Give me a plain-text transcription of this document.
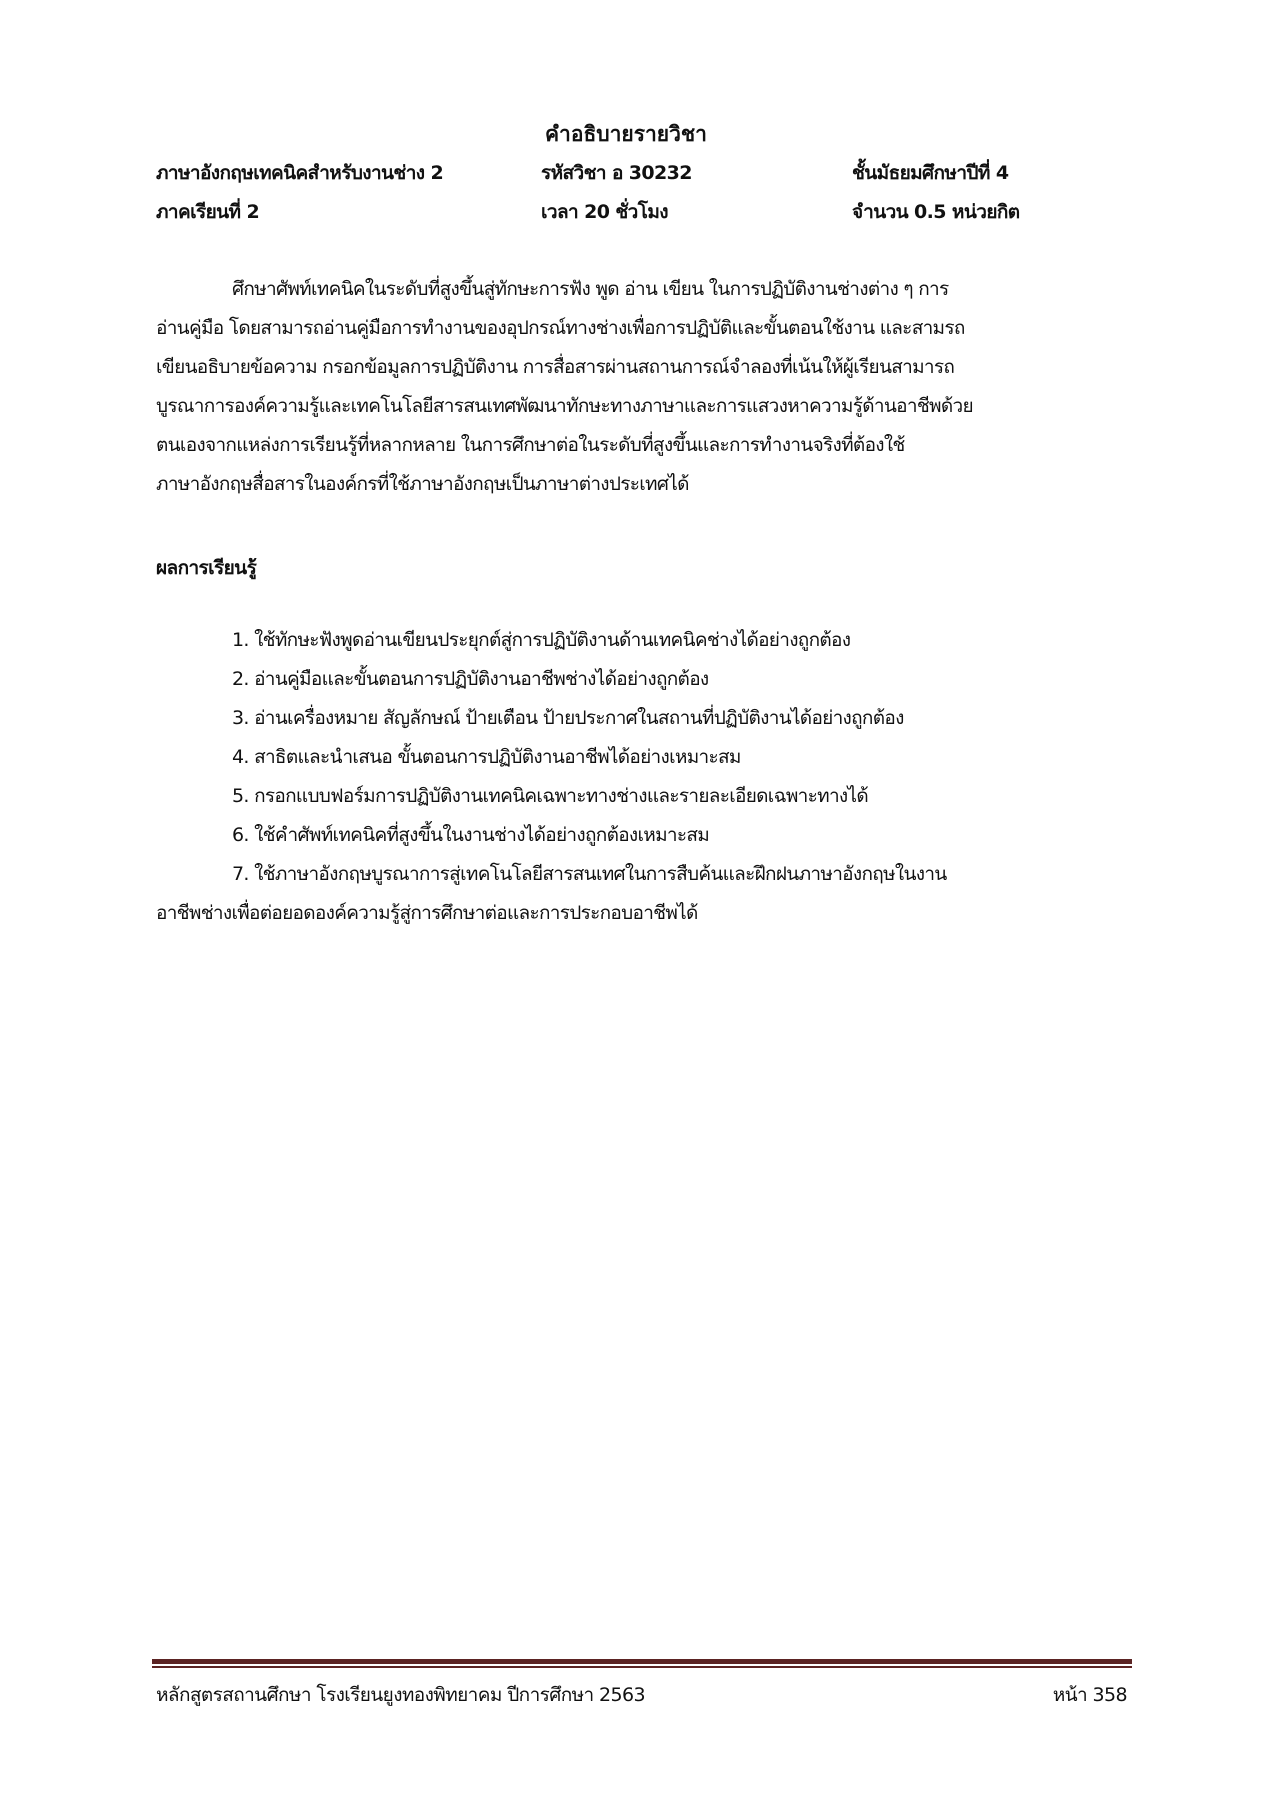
คำอธิบายรายวิชา
ภาษาอังกฤษเทคนิคสำหรับงานช่าง 2	รหัสวิชา อ 30232	ชั้นมัธยมศึกษาปีที่ 4
ภาคเรียนที่ 2	เวลา 20 ชั่วโมง	จำนวน 0.5 หน่วยกิต
ศึกษาศัพท์เทคนิคในระดับที่สูงขึ้นสู่ทักษะการฟัง พูด อ่าน เขียน ในการปฏิบัติงานช่างต่าง ๆ การ
อ่านคู่มือ โดยสามารถอ่านคู่มือการทำงานของอุปกรณ์ทางช่างเพื่อการปฏิบัติและขั้นตอนใช้งาน และสามรถ
เขียนอธิบายข้อความ กรอกข้อมูลการปฏิบัติงาน การสื่อสารผ่านสถานการณ์จำลองที่เน้นให้ผู้เรียนสามารถ
บูรณาการองค์ความรู้และเทคโนโลยีสารสนเทศพัฒนาทักษะทางภาษาและการแสวงหาความรู้ด้านอาชีพด้วย
ตนเองจากแหล่งการเรียนรู้ที่หลากหลาย ในการศึกษาต่อในระดับที่สูงขึ้นและการทำงานจริงที่ต้องใช้
ภาษาอังกฤษสื่อสารในองค์กรที่ใช้ภาษาอังกฤษเป็นภาษาต่างประเทศได้
ผลการเรียนรู้
1. ใช้ทักษะฟังพูดอ่านเขียนประยุกต์สู่การปฏิบัติงานด้านเทคนิคช่างได้อย่างถูกต้อง
2. อ่านคู่มือและขั้นตอนการปฏิบัติงานอาชีพช่างได้อย่างถูกต้อง
3. อ่านเครื่องหมาย สัญลักษณ์ ป้ายเตือน ป้ายประกาศในสถานที่ปฏิบัติงานได้อย่างถูกต้อง
4. สาธิตและนำเสนอ ขั้นตอนการปฏิบัติงานอาชีพได้อย่างเหมาะสม
5. กรอกแบบฟอร์มการปฏิบัติงานเทคนิคเฉพาะทางช่างและรายละเอียดเฉพาะทางได้
6. ใช้คำศัพท์เทคนิคที่สูงขึ้นในงานช่างได้อย่างถูกต้องเหมาะสม
7. ใช้ภาษาอังกฤษบูรณาการสู่เทคโนโลยีสารสนเทศในการสืบค้นและฝึกฝนภาษาอังกฤษในงาน
อาชีพช่างเพื่อต่อยอดองค์ความรู้สู่การศึกษาต่อและการประกอบอาชีพได้
หลักสูตรสถานศึกษา โรงเรียนยูงทองพิทยาคม ปีการศึกษา 2563	หน้า 358
